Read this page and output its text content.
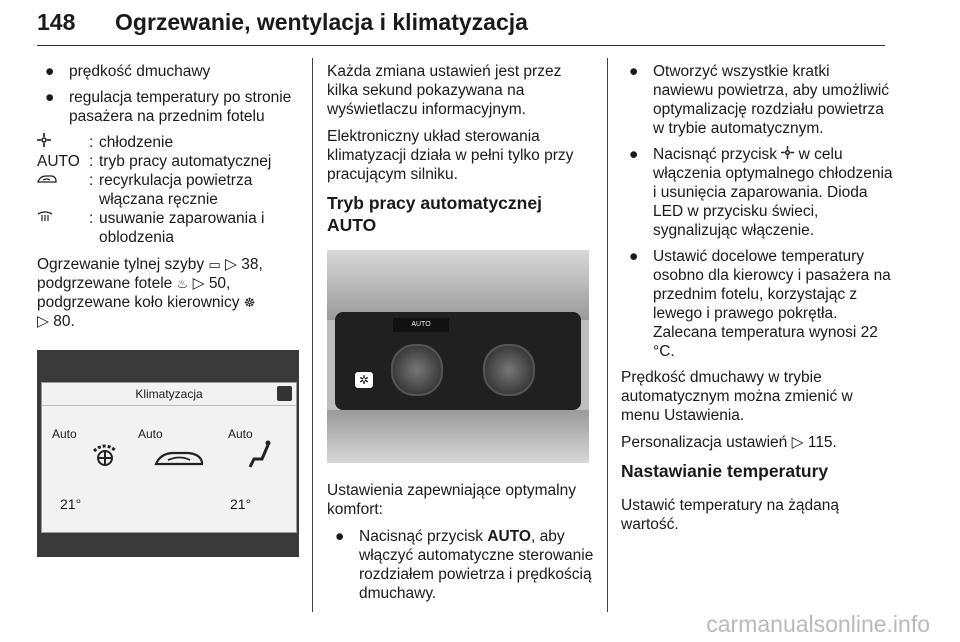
148 Ogrzewanie, wentylacja i klimatyzacja
● prędkość dmuchawy
● regulacja temperatury po stronie pasażera na przednim fotelu
: chłodzenie
AUTO : tryb pracy automatycznej
: recyrkulacja powietrza włączana ręcznie
: usuwanie zaparowania i oblodzenia

Ogrzewanie tylnej szyby ▭ ▷ 38,
podgrzewane fotele ♨ ▷ 50,
podgrzewane koło kierownicy ☸
▷ 80.

Klimatyzacja
Auto	Auto	Auto
21°	21°

Każda zmiana ustawień jest przez kilka sekund pokazywana na wyświetlaczu informacyjnym.

Elektroniczny układ sterowania klimatyzacji działa w pełni tylko przy pracującym silniku.

Tryb pracy automatycznej AUTO
AUTO
✲

Ustawienia zapewniające optymalny komfort:

● Nacisnąć przycisk AUTO, aby włączyć automatyczne sterowanie rozdziałem powietrza i prędkością dmuchawy.
● Otworzyć wszystkie kratki nawiewu powietrza, aby umożliwić optymalizację rozdziału powietrza w trybie automatycznym.
● Nacisnąć przycisk w celu włączenia optymalnego chłodzenia i usunięcia zaparowania. Dioda LED w przycisku świeci, sygnalizując włączenie.
● Ustawić docelowe temperatury osobno dla kierowcy i pasażera na przednim fotelu, korzystając z lewego i prawego pokrętła. Zalecana temperatura wynosi 22 °C.

Prędkość dmuchawy w trybie automatycznym można zmienić w menu Ustawienia.

Personalizacja ustawień ▷ 115.

Nastawianie temperatury

Ustawić temperatury na żądaną wartość.

carmanualsonline.info
